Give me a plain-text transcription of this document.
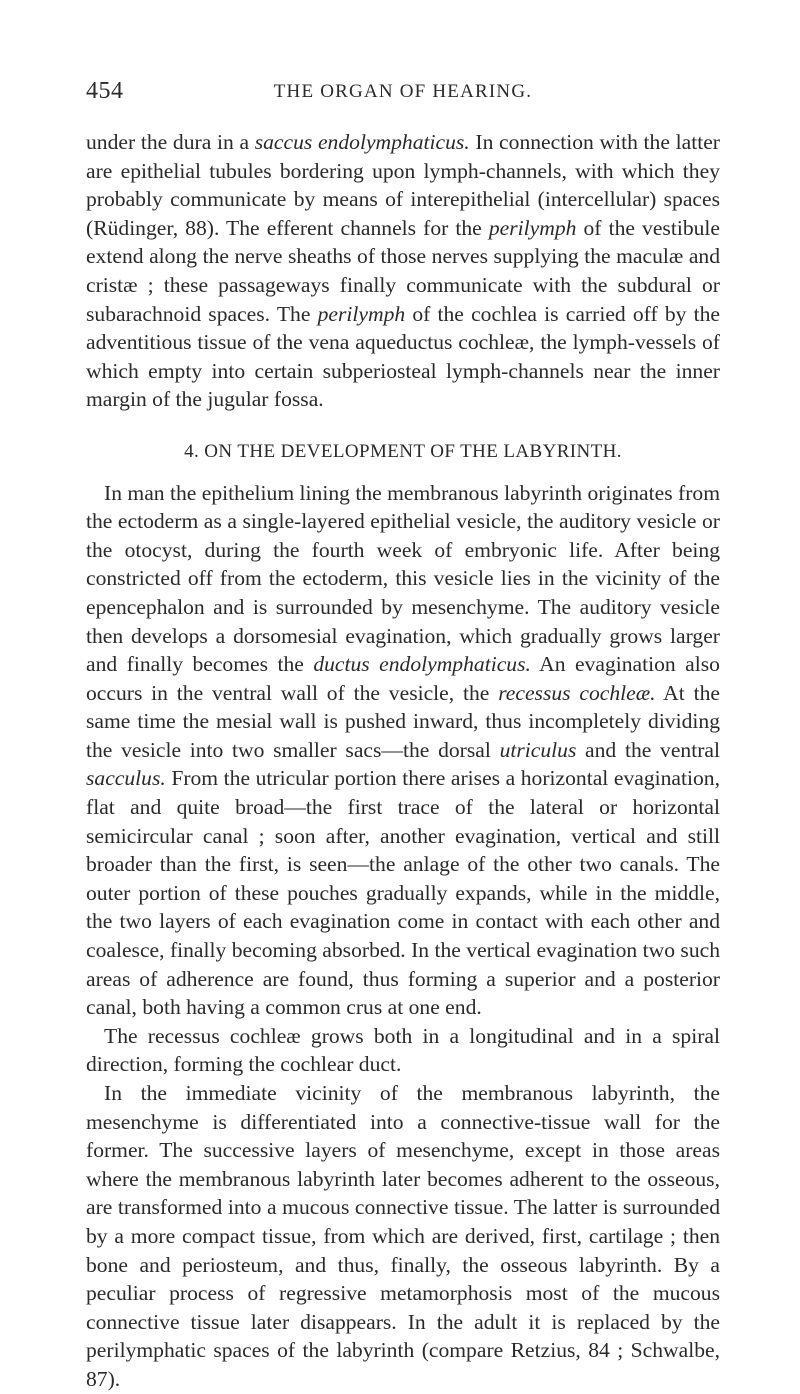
454	THE ORGAN OF HEARING.

under the dura in a saccus endolymphaticus. In connection with the latter are epithelial tubules bordering upon lymph-channels, with which they probably communicate by means of interepithelial (intercellular) spaces (Rüdinger, 88). The efferent channels for the perilymph of the vestibule extend along the nerve sheaths of those nerves supplying the maculæ and cristæ ; these passageways finally communicate with the subdural or subarachnoid spaces. The perilymph of the cochlea is carried off by the adventitious tissue of the vena aqueductus cochleæ, the lymph-vessels of which empty into certain subperiosteal lymph-channels near the inner margin of the jugular fossa.

4. ON THE DEVELOPMENT OF THE LABYRINTH.

In man the epithelium lining the membranous labyrinth originates from the ectoderm as a single-layered epithelial vesicle, the auditory vesicle or the otocyst, during the fourth week of embryonic life. After being constricted off from the ectoderm, this vesicle lies in the vicinity of the epencephalon and is surrounded by mesenchyme. The auditory vesicle then develops a dorsomesial evagination, which gradually grows larger and finally becomes the ductus endolymphaticus. An evagination also occurs in the ventral wall of the vesicle, the recessus cochleæ. At the same time the mesial wall is pushed inward, thus incompletely dividing the vesicle into two smaller sacs—the dorsal utriculus and the ventral sacculus. From the utricular portion there arises a horizontal evagination, flat and quite broad—the first trace of the lateral or horizontal semicircular canal ; soon after, another evagination, vertical and still broader than the first, is seen—the anlage of the other two canals. The outer portion of these pouches gradually expands, while in the middle, the two layers of each evagination come in contact with each other and coalesce, finally becoming absorbed. In the vertical evagination two such areas of adherence are found, thus forming a superior and a posterior canal, both having a common crus at one end.

The recessus cochleæ grows both in a longitudinal and in a spiral direction, forming the cochlear duct.

In the immediate vicinity of the membranous labyrinth, the mesenchyme is differentiated into a connective-tissue wall for the former. The successive layers of mesenchyme, except in those areas where the membranous labyrinth later becomes adherent to the osseous, are transformed into a mucous connective tissue. The latter is surrounded by a more compact tissue, from which are derived, first, cartilage ; then bone and periosteum, and thus, finally, the osseous labyrinth. By a peculiar process of regressive metamorphosis most of the mucous connective tissue later disappears. In the adult it is replaced by the perilymphatic spaces of the labyrinth (compare Retzius, 84 ; Schwalbe, 87).
